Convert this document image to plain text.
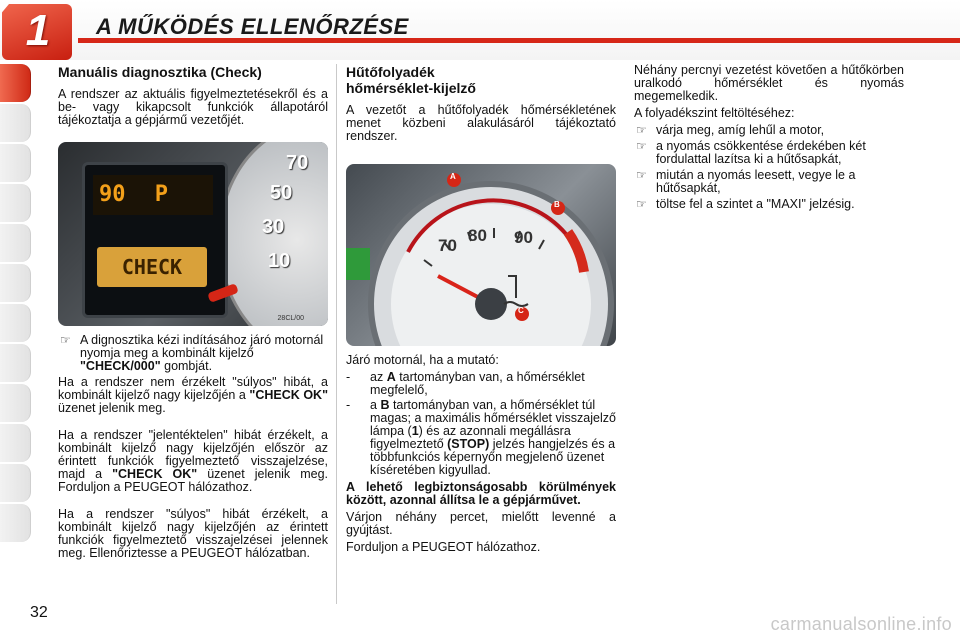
1	A MŰKÖDÉS ELLENŐRZÉSE
Manuális diagnosztika (Check)

A rendszer az aktuális figyelmeztetésekről és a be- vagy kikapcsolt funkciók állapotáról tájékoztatja a gépjármű vezetőjét.

70
50
30
10
90 P
CHECK
28CL/00
☞ A dignosztika kézi indításához járó motornál nyomja meg a kombinált kijelző "CHECK/000" gombját.

Ha a rendszer nem érzékelt "súlyos" hibát, a kombinált kijelző nagy kijelzőjén a "CHECK OK" üzenet jelenik meg.

Ha a rendszer "jelentéktelen" hibát érzékelt, a kombinált kijelző nagy kijelzőjén először az érintett funkciók figyelmeztető visszajelzése, majd a "CHECK OK" üzenet jelenik meg. Forduljon a PEUGEOT hálózathoz.

Ha a rendszer "súlyos" hibát érzékelt, a kombinált kijelző nagy kijelzőjén az érintett funkciók figyelmeztető visszajelzései jelennek meg. Ellenőriztesse a PEUGEOT hálózatban.

Hűtőfolyadék
hőmérséklet-kijelző

A vezetőt a hűtőfolyadék hőmérsékletének menet közbeni alakulásáról tájékoztató rendszer.

A
B
C
70
80 90

Járó motornál, ha a mutató:

-	az A tartományban van, a hőmérséklet megfelelő,
-	a B tartományban van, a hőmérséklet túl magas; a maximális hőmérséklet visszajelző lámpa (1) és az azonnali megállásra figyelmeztető (STOP) jelzés hangjelzés és a többfunkciós képernyőn megjelenő üzenet kíséretében kigyullad.

A lehető legbiztonságosabb körülmények között, azonnal állítsa le a gépjárművet.

Várjon néhány percet, mielőtt levenné a gyújtást.

Forduljon a PEUGEOT hálózathoz.

Néhány percnyi vezetést követően a hűtőkörben uralkodó hőmérséklet és nyomás megemelkedik.

A folyadékszint feltöltéséhez:

☞ várja meg, amíg lehűl a motor,
☞ a nyomás csökkentése érdekében két fordulattal lazítsa ki a hűtősapkát,
☞ miután a nyomás leesett, vegye le a hűtősapkát,
☞ töltse fel a szintet a "MAXI" jelzésig.
32
carmanualsonline.info
